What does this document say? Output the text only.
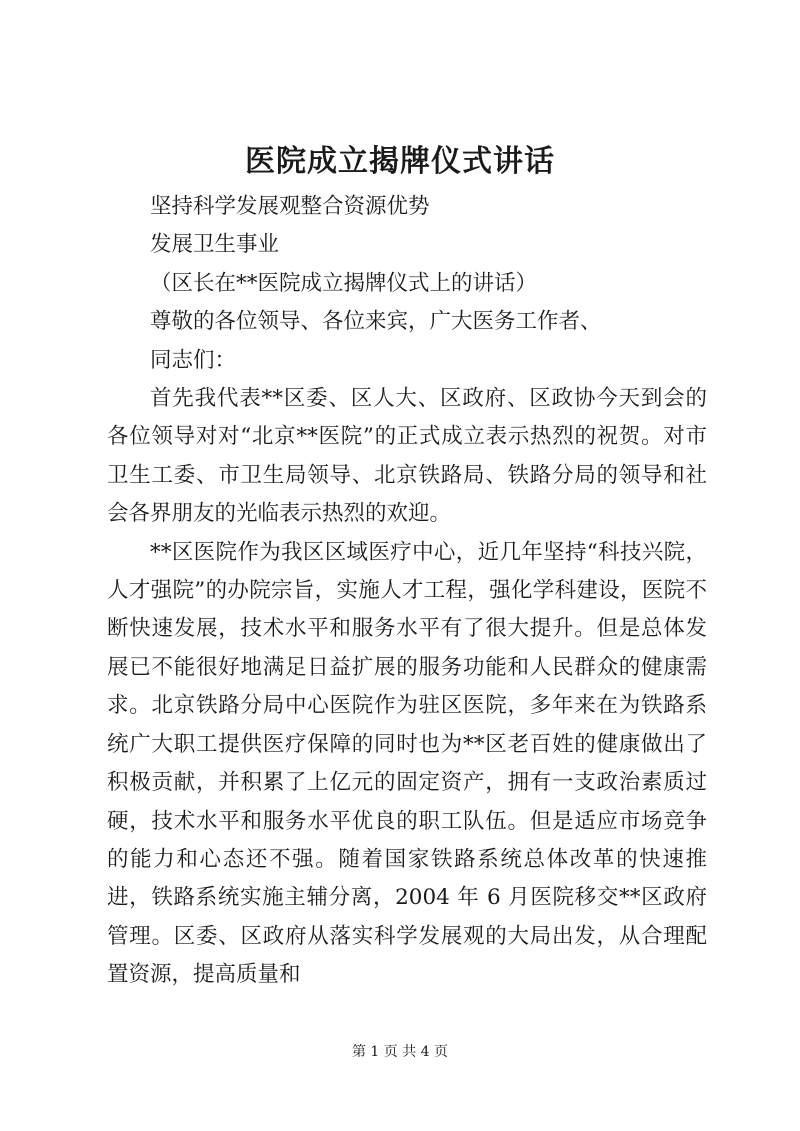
医院成立揭牌仪式讲话

坚持科学发展观整合资源优势

发展卫生事业

（区长在**医院成立揭牌仪式上的讲话）

尊敬的各位领导、各位来宾，广大医务工作者、

同志们：

首先我代表**区委、区人大、区政府、区政协今天到会的各位领导对对“北京**医院”的正式成立表示热烈的祝贺。对市卫生工委、市卫生局领导、北京铁路局、铁路分局的领导和社会各界朋友的光临表示热烈的欢迎。

**区医院作为我区区域医疗中心，近几年坚持“科技兴院，人才强院”的办院宗旨，实施人才工程，强化学科建设，医院不断快速发展，技术水平和服务水平有了很大提升。但是总体发展已不能很好地满足日益扩展的服务功能和人民群众的健康需求。北京铁路分局中心医院作为驻区医院，多年来在为铁路系统广大职工提供医疗保障的同时也为**区老百姓的健康做出了积极贡献，并积累了上亿元的固定资产，拥有一支政治素质过硬，技术水平和服务水平优良的职工队伍。但是适应市场竞争的能力和心态还不强。随着国家铁路系统总体改革的快速推进，铁路系统实施主辅分离，2004 年 6 月医院移交**区政府管理。区委、区政府从落实科学发展观的大局出发，从合理配置资源，提高质量和

第 1 页 共 4 页
